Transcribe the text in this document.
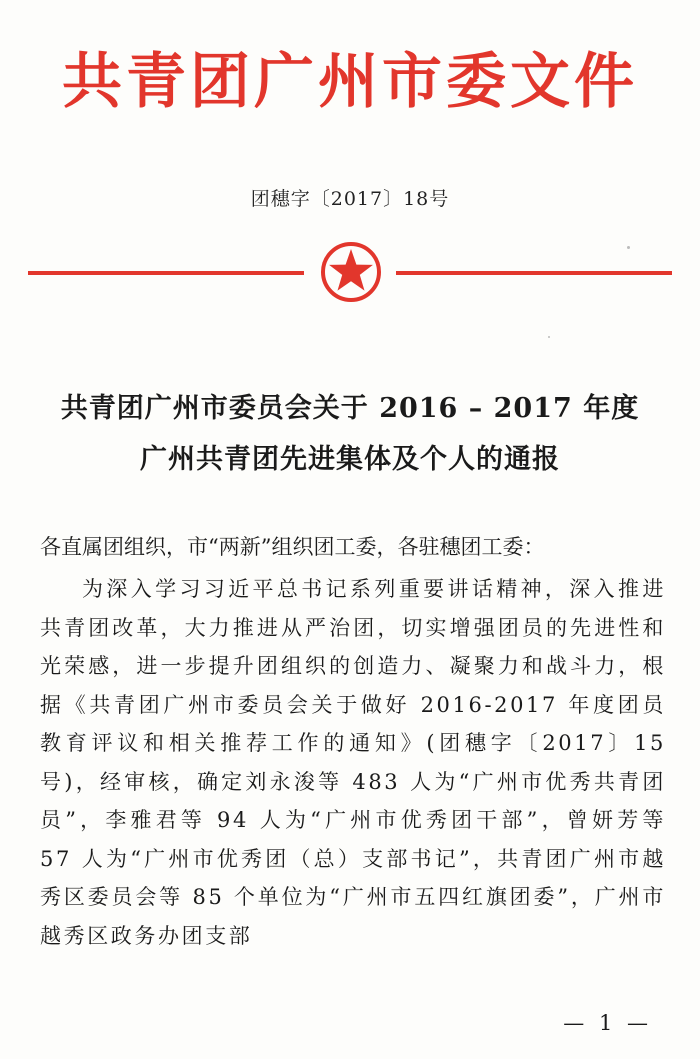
共青团广州市委文件
团穗字〔2017〕18号
共青团广州市委员会关于 2016 – 2017 年度
广州共青团先进集体及个人的通报
各直属团组织，市“两新”组织团工委，各驻穗团工委：
为深入学习习近平总书记系列重要讲话精神，深入推进共青团改革，大力推进从严治团，切实增强团员的先进性和光荣感，进一步提升团组织的创造力、凝聚力和战斗力，根据《共青团广州市委员会关于做好 2016-2017 年度团员教育评议和相关推荐工作的通知》(团穗字〔2017〕15 号)，经审核，确定刘永浚等 483 人为“广州市优秀共青团员”，李雅君等 94 人为“广州市优秀团干部”，曾妍芳等 57 人为“广州市优秀团（总）支部书记”，共青团广州市越秀区委员会等 85 个单位为“广州市五四红旗团委”，广州市越秀区政务办团支部
— 1 —
